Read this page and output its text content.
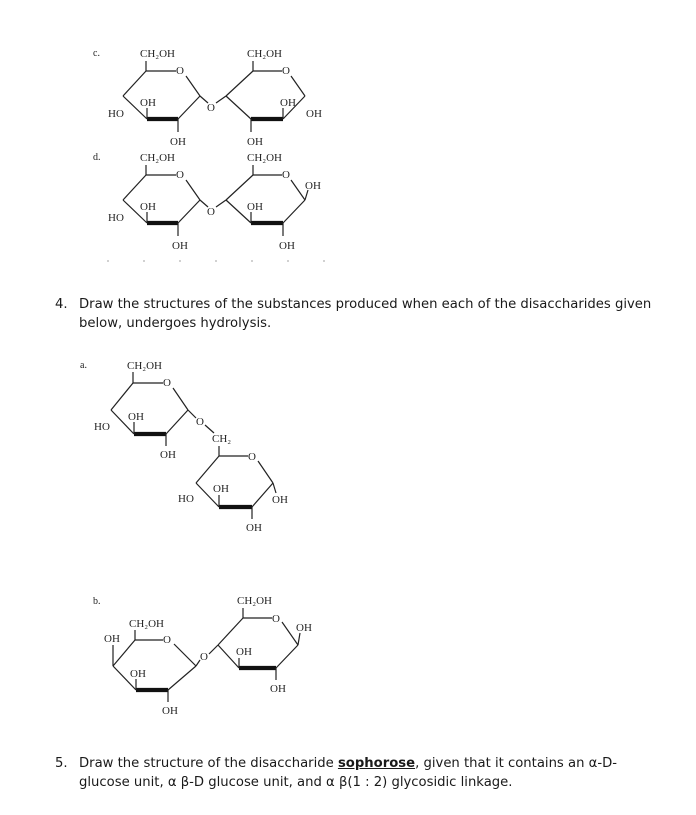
c.	CH₂OH
O
HO
OH
OH
O
CH₂OH
O
OH
OH
OH
d.	CH₂OH
O
HO
OH
OH
O
CH₂OH
O
OH
OH
OH
a.	CH₂OH
O
HO
OH
OH
O
CH₂
O
HO
OH
OH
OH
b.
CH₂OH
O
OH
OH
OH
O
CH₂OH
O
OH
OH
OH
4. Draw the structures of the substances produced when each of the disaccharides given
below, undergoes hydrolysis.
5. Draw the structure of the disaccharide sophorose, given that it contains an α-D-
glucose unit, α β-D glucose unit, and α β(1 : 2) glycosidic linkage.
